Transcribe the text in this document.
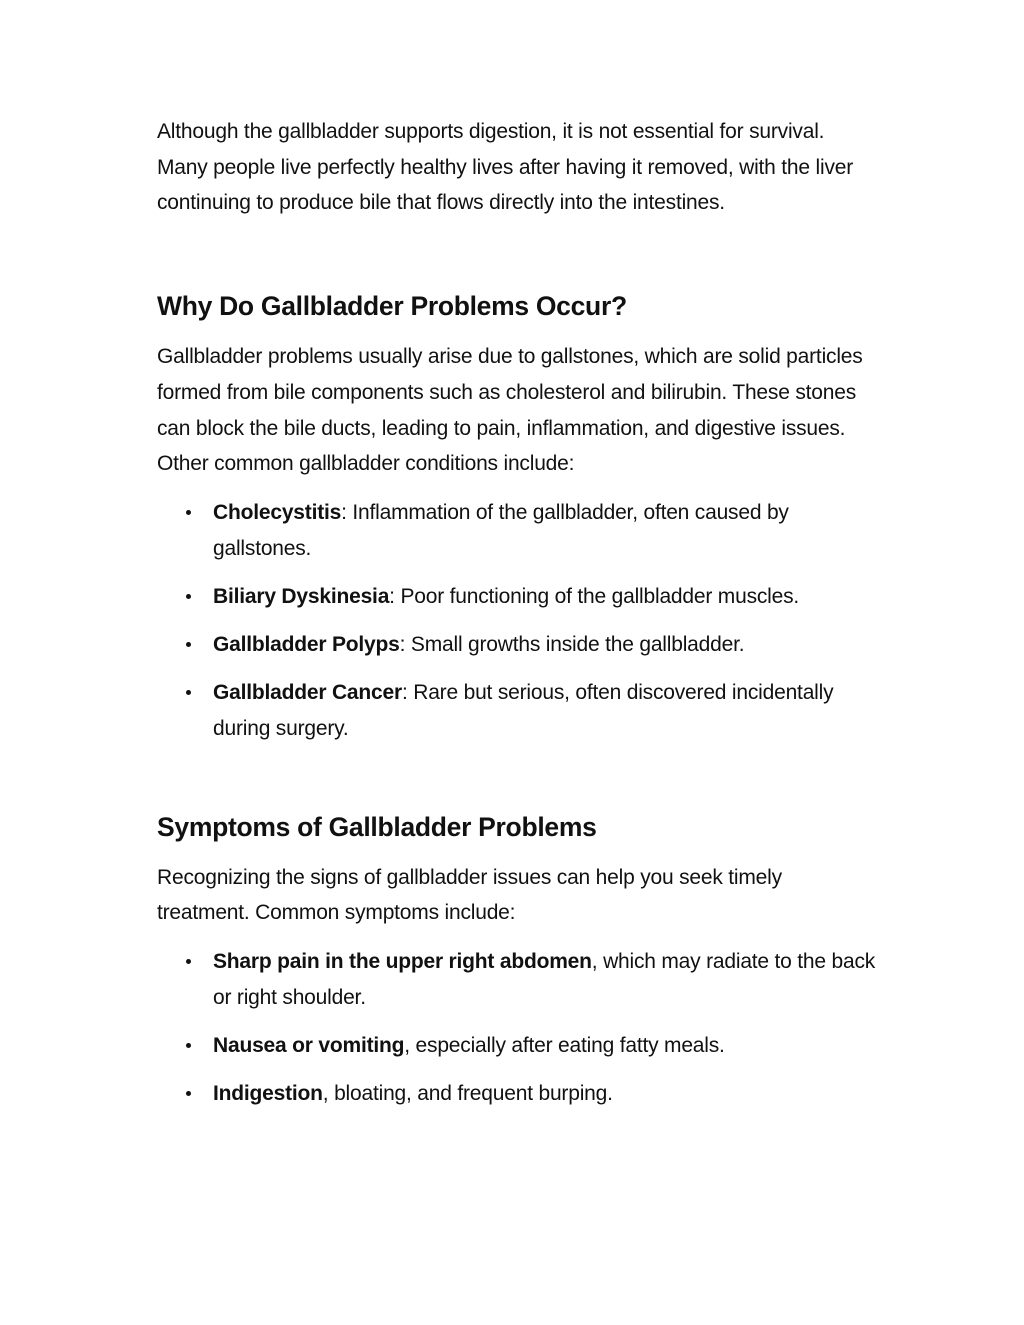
Although the gallbladder supports digestion, it is not essential for survival. Many people live perfectly healthy lives after having it removed, with the liver continuing to produce bile that flows directly into the intestines.

Why Do Gallbladder Problems Occur?

Gallbladder problems usually arise due to gallstones, which are solid particles formed from bile components such as cholesterol and bilirubin. These stones can block the bile ducts, leading to pain, inflammation, and digestive issues. Other common gallbladder conditions include:

Cholecystitis: Inflammation of the gallbladder, often caused by gallstones.
Biliary Dyskinesia: Poor functioning of the gallbladder muscles.
Gallbladder Polyps: Small growths inside the gallbladder.
Gallbladder Cancer: Rare but serious, often discovered incidentally during surgery.
Symptoms of Gallbladder Problems

Recognizing the signs of gallbladder issues can help you seek timely treatment. Common symptoms include:

Sharp pain in the upper right abdomen, which may radiate to the back or right shoulder.
Nausea or vomiting, especially after eating fatty meals.
Indigestion, bloating, and frequent burping.
